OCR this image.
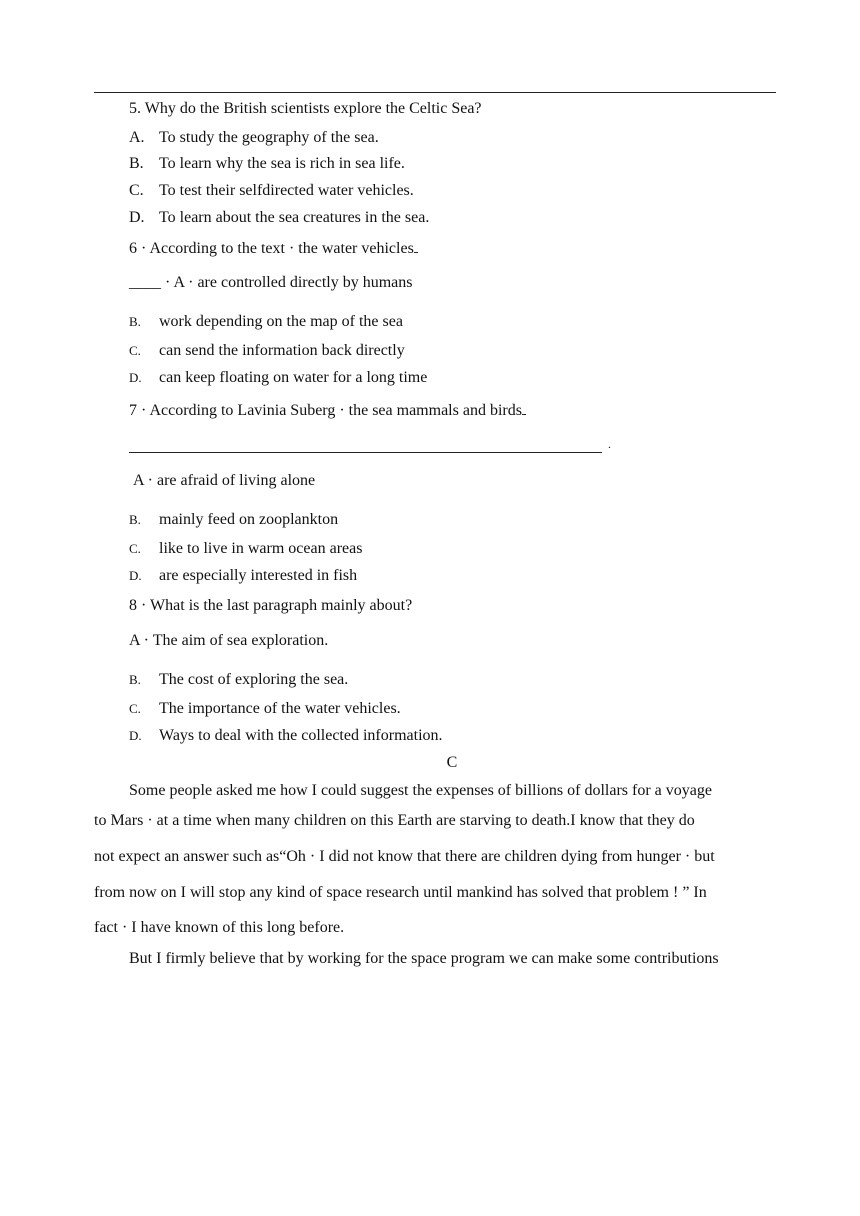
5. Why do the British scientists explore the Celtic Sea?
A. To study the geography of the sea.
B. To learn why the sea is rich in sea life.
C. To test their selfdirected water vehicles.
D. To learn about the sea creatures in the sea.
6 · According to the text · the water vehicles
____ · A · are controlled directly by humans
B. work depending on the map of the sea
C. can send the information back directly
D. can keep floating on water for a long time
7 · According to Lavinia Suberg · the sea mammals and birds
.
A · are afraid of living alone
B. mainly feed on zooplankton
C. like to live in warm ocean areas
D. are especially interested in fish
8 · What is the last paragraph mainly about?
A · The aim of sea exploration.
B. The cost of exploring the sea.
C. The importance of the water vehicles.
D. Ways to deal with the collected information.
C
Some people asked me how I could suggest the expenses of billions of dollars for a voyage
to Mars · at a time when many children on this Earth are starving to death.I know that they do
not expect an answer such as“Oh · I did not know that there are children dying from hunger · but
from now on I will stop any kind of space research until mankind has solved that problem ! ” In
fact · I have known of this long before.
But I firmly believe that by working for the space program we can make some contributions
